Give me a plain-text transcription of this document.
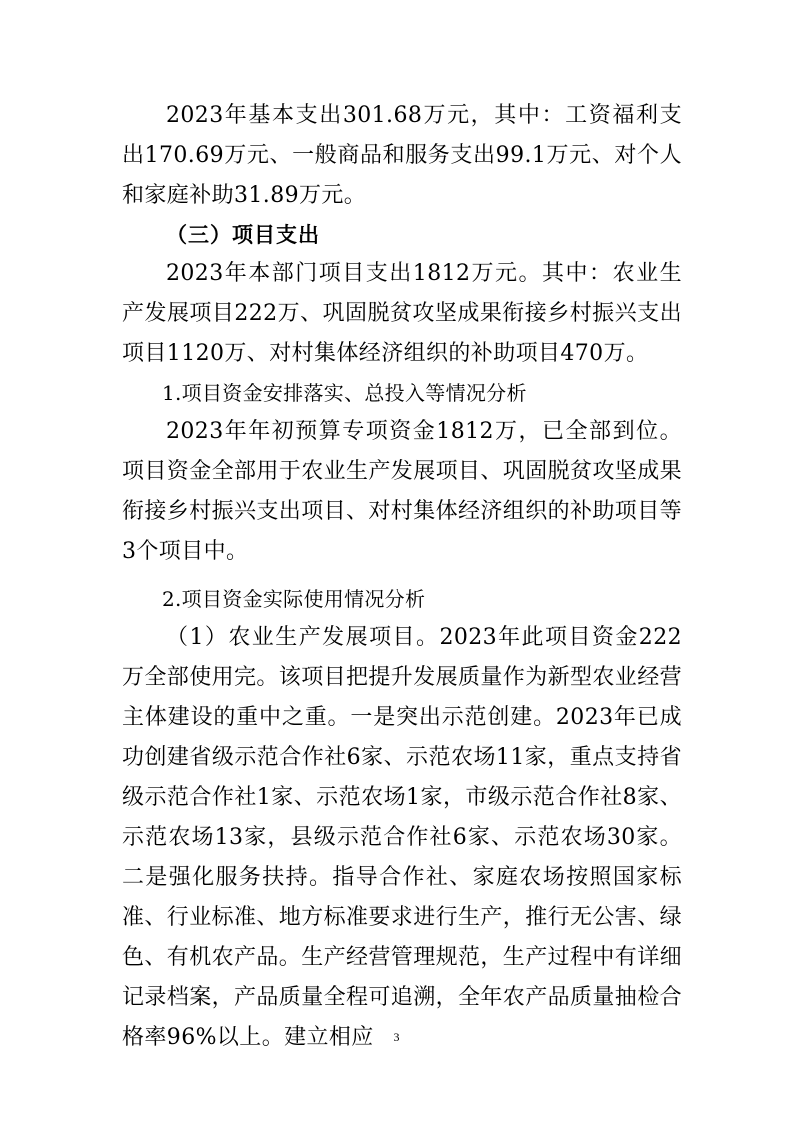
2023年基本支出301.68万元，其中：工资福利支出170.69万元、一般商品和服务支出99.1万元、对个人和家庭补助31.89万元。

（三）项目支出

2023年本部门项目支出1812万元。其中：农业生产发展项目222万、巩固脱贫攻坚成果衔接乡村振兴支出项目1120万、对村集体经济组织的补助项目470万。

1.项目资金安排落实、总投入等情况分析

2023年年初预算专项资金1812万，已全部到位。项目资金全部用于农业生产发展项目、巩固脱贫攻坚成果衔接乡村振兴支出项目、对村集体经济组织的补助项目等3个项目中。

2.项目资金实际使用情况分析

（1）农业生产发展项目。2023年此项目资金222万全部使用完。该项目把提升发展质量作为新型农业经营主体建设的重中之重。一是突出示范创建。2023年已成功创建省级示范合作社6家、示范农场11家，重点支持省级示范合作社1家、示范农场1家，市级示范合作社8家、示范农场13家，县级示范合作社6家、示范农场30家。二是强化服务扶持。指导合作社、家庭农场按照国家标准、行业标准、地方标准要求进行生产，推行无公害、绿色、有机农产品。生产经营管理规范，生产过程中有详细记录档案，产品质量全程可追溯，全年农产品质量抽检合格率96%以上。建立相应	3
